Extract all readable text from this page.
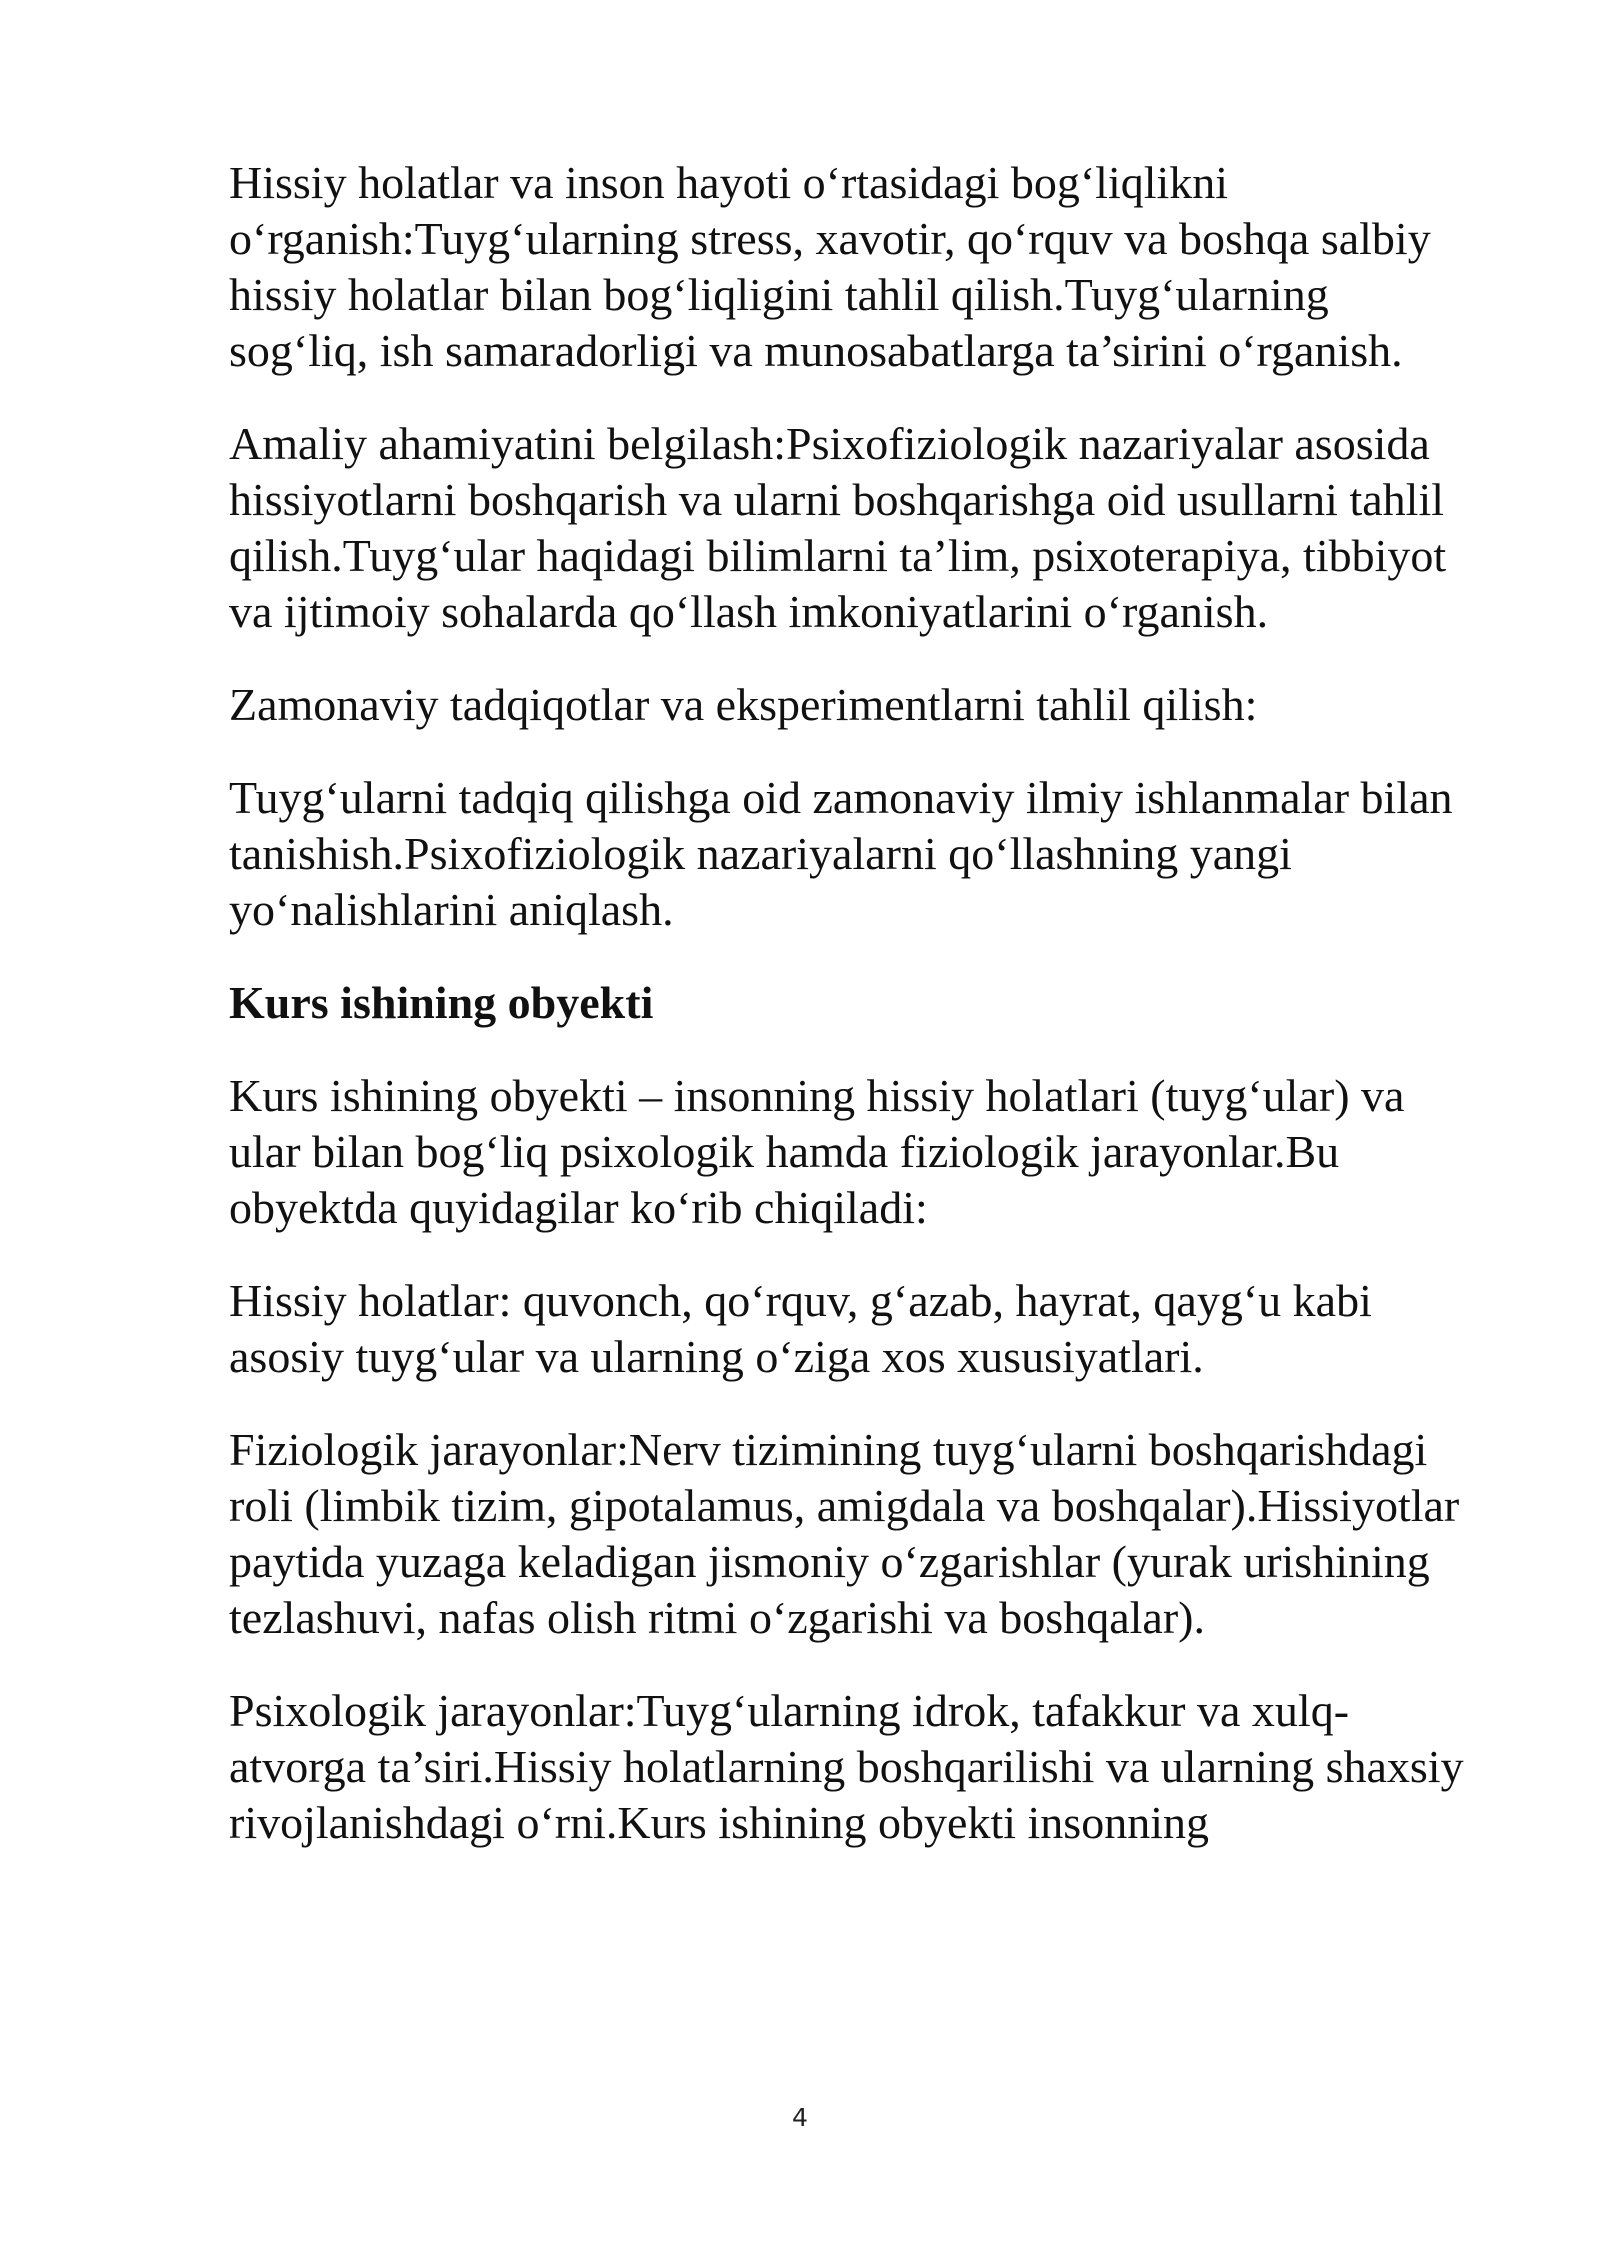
Hissiy holatlar va inson hayoti o‘rtasidagi bog‘liqlikni o‘rganish:Tuyg‘ularning stress, xavotir, qo‘rquv va boshqa salbiy hissiy holatlar bilan bog‘liqligini tahlil qilish.Tuyg‘ularning sog‘liq, ish samaradorligi va munosabatlarga ta’sirini o‘rganish.

Amaliy ahamiyatini belgilash:Psixofiziologik nazariyalar asosida hissiyotlarni boshqarish va ularni boshqarishga oid usullarni tahlil qilish.Tuyg‘ular haqidagi bilimlarni ta’lim, psixoterapiya, tibbiyot va ijtimoiy sohalarda qo‘llash imkoniyatlarini o‘rganish.

Zamonaviy tadqiqotlar va eksperimentlarni tahlil qilish:

Tuyg‘ularni tadqiq qilishga oid zamonaviy ilmiy ishlanmalar bilan tanishish.Psixofiziologik nazariyalarni qo‘llashning yangi yo‘nalishlarini aniqlash.

Kurs ishining obyekti

Kurs ishining obyekti – insonning hissiy holatlari (tuyg‘ular) va ular bilan bog‘liq psixologik hamda fiziologik jarayonlar.Bu obyektda quyidagilar ko‘rib chiqiladi:

Hissiy holatlar: quvonch, qo‘rquv, g‘azab, hayrat, qayg‘u kabi asosiy tuyg‘ular va ularning o‘ziga xos xususiyatlari.

Fiziologik jarayonlar:Nerv tizimining tuyg‘ularni boshqarishdagi roli (limbik tizim, gipotalamus, amigdala va boshqalar).Hissiyotlar paytida yuzaga keladigan jismoniy o‘zgarishlar (yurak urishining tezlashuvi, nafas olish ritmi o‘zgarishi va boshqalar).

Psixologik jarayonlar:Tuyg‘ularning idrok, tafakkur va xulq-atvorga ta’siri.Hissiy holatlarning boshqarilishi va ularning shaxsiy rivojlanishdagi o‘rni.Kurs ishining obyekti insonning

4
